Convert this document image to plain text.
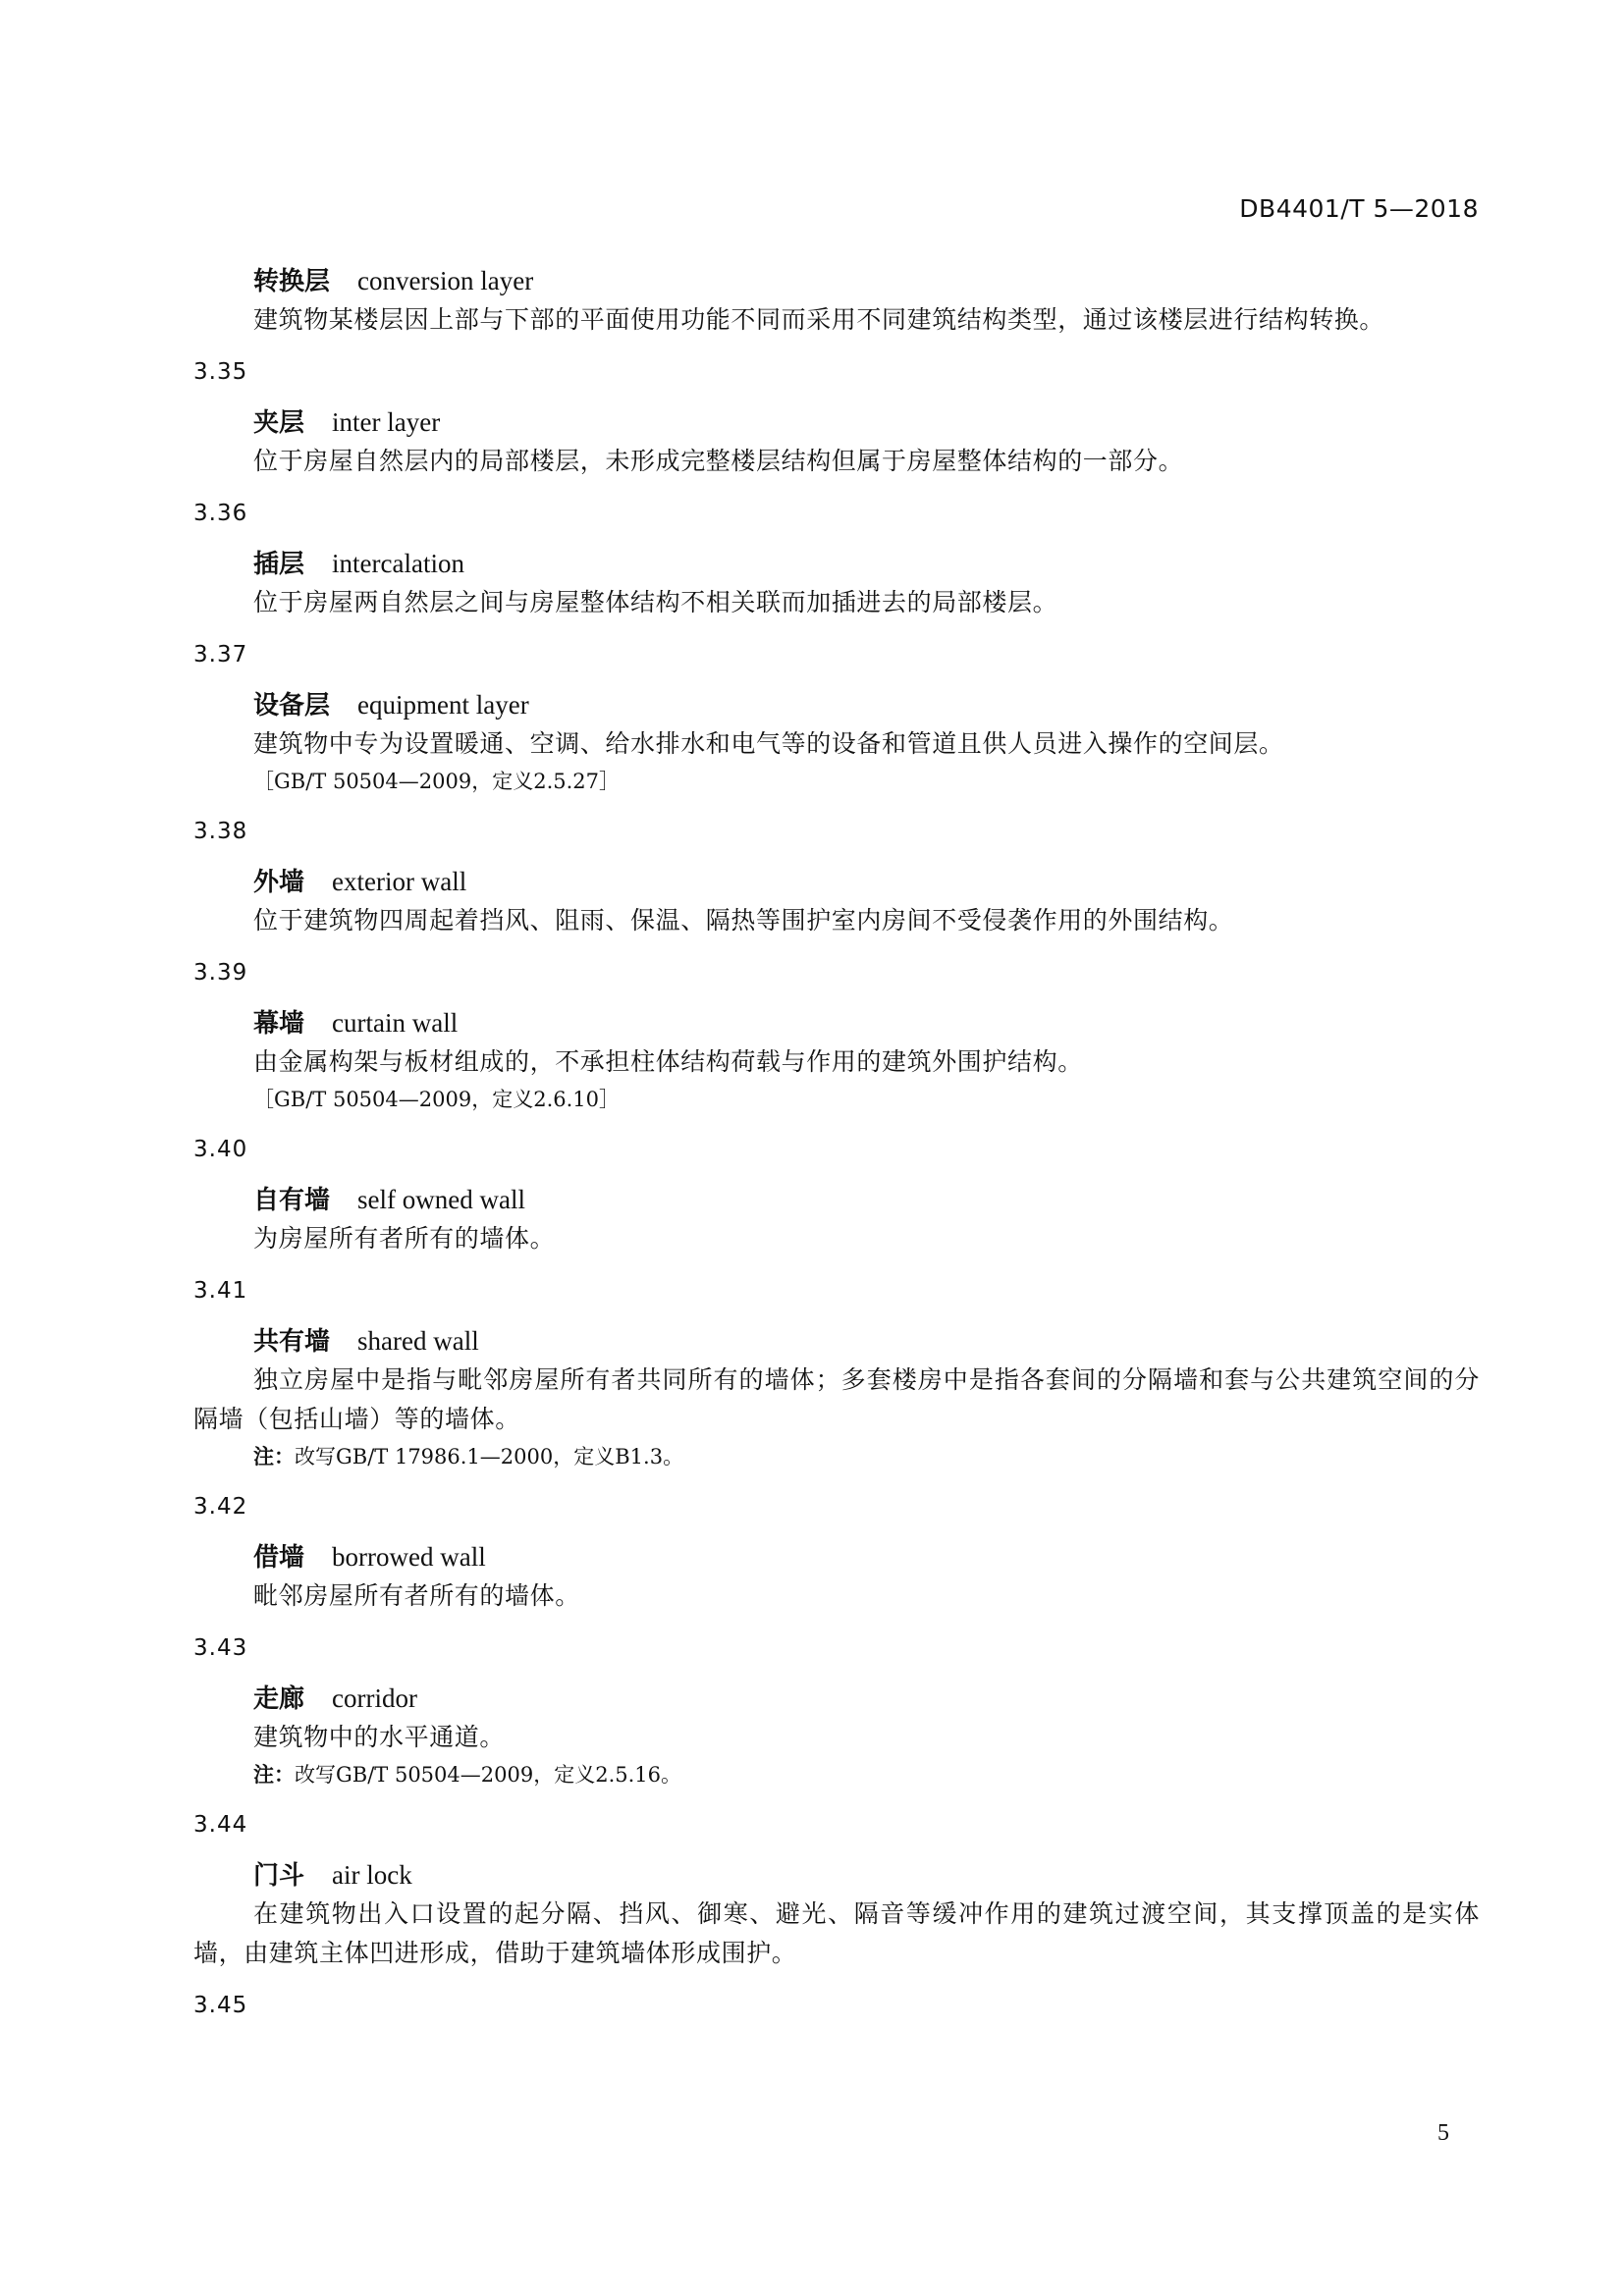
DB4401/T 5—2018
转换层 conversion layer

建筑物某楼层因上部与下部的平面使用功能不同而采用不同建筑结构类型，通过该楼层进行结构转换。

3.35
夹层 inter layer

位于房屋自然层内的局部楼层，未形成完整楼层结构但属于房屋整体结构的一部分。

3.36
插层 intercalation

位于房屋两自然层之间与房屋整体结构不相关联而加插进去的局部楼层。

3.37
设备层 equipment layer

建筑物中专为设置暖通、空调、给水排水和电气等的设备和管道且供人员进入操作的空间层。

［GB/T 50504—2009，定义2.5.27］
3.38
外墙 exterior wall

位于建筑物四周起着挡风、阻雨、保温、隔热等围护室内房间不受侵袭作用的外围结构。

3.39
幕墙 curtain wall

由金属构架与板材组成的，不承担柱体结构荷载与作用的建筑外围护结构。

［GB/T 50504—2009，定义2.6.10］
3.40
自有墙 self owned wall

为房屋所有者所有的墙体。

3.41
共有墙 shared wall

独立房屋中是指与毗邻房屋所有者共同所有的墙体；多套楼房中是指各套间的分隔墙和套与公共建筑空间的分隔墙（包括山墙）等的墙体。

注：改写GB/T 17986.1—2000，定义B1.3。
3.42
借墙 borrowed wall

毗邻房屋所有者所有的墙体。

3.43
走廊 corridor

建筑物中的水平通道。

注：改写GB/T 50504—2009，定义2.5.16。
3.44
门斗 air lock

在建筑物出入口设置的起分隔、挡风、御寒、避光、隔音等缓冲作用的建筑过渡空间，其支撑顶盖的是实体墙，由建筑主体凹进形成，借助于建筑墙体形成围护。

3.45
5
